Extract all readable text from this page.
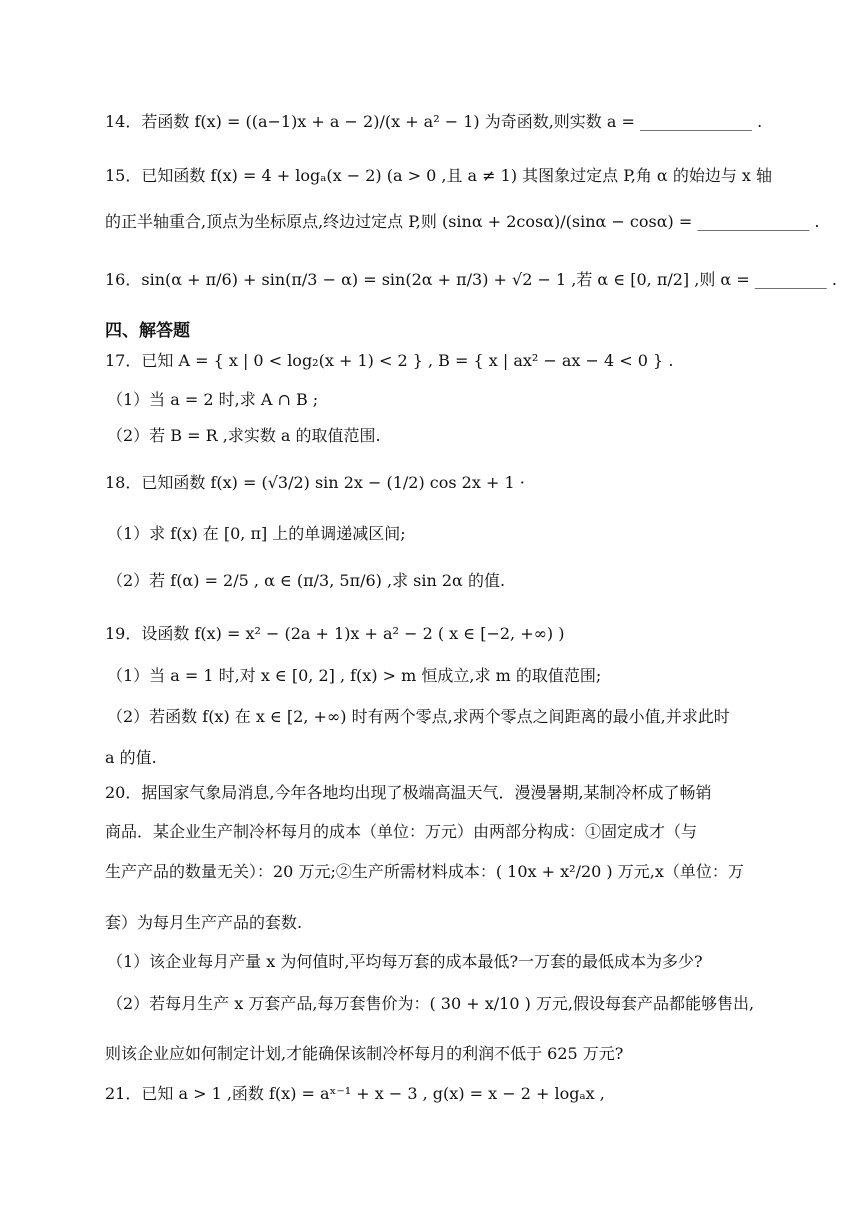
14．若函数 f(x) = ((a−1)x + a − 2)/(x + a² − 1) 为奇函数,则实数 a = ______________ .
15．已知函数 f(x) = 4 + logₐ(x − 2) (a > 0 ,且 a ≠ 1) 其图象过定点 P,角 α 的始边与 x 轴
的正半轴重合,顶点为坐标原点,终边过定点 P,则 (sinα + 2cosα)/(sinα − cosα) = ______________ .
16．sin(α + π/6) + sin(π/3 − α) = sin(2α + π/3) + √2 − 1 ,若 α ∈ [0, π/2] ,则 α = _________ .
四、解答题
17．已知 A = { x | 0 < log₂(x + 1) < 2 } , B = { x | ax² − ax − 4 < 0 } .
（1）当 a = 2 时,求 A ∩ B ;
（2）若 B = R ,求实数 a 的取值范围.
18．已知函数 f(x) = (√3/2) sin 2x − (1/2) cos 2x + 1 ·
（1）求 f(x) 在 [0, π] 上的单调递减区间;
（2）若 f(α) = 2/5 , α ∈ (π/3, 5π/6) ,求 sin 2α 的值.
19．设函数 f(x) = x² − (2a + 1)x + a² − 2 ( x ∈ [−2, +∞) )
（1）当 a = 1 时,对 x ∈ [0, 2] , f(x) > m 恒成立,求 m 的取值范围;
（2）若函数 f(x) 在 x ∈ [2, +∞) 时有两个零点,求两个零点之间距离的最小值,并求此时
a 的值.
20．据国家气象局消息,今年各地均出现了极端高温天气．漫漫暑期,某制冷杯成了畅销
商品．某企业生产制冷杯每月的成本（单位：万元）由两部分构成：①固定成才（与
生产产品的数量无关）：20 万元;②生产所需材料成本：( 10x + x²/20 ) 万元,x（单位：万
套）为每月生产产品的套数.
（1）该企业每月产量 x 为何值时,平均每万套的成本最低?一万套的最低成本为多少?
（2）若每月生产 x 万套产品,每万套售价为：( 30 + x/10 ) 万元,假设每套产品都能够售出,
则该企业应如何制定计划,才能确保该制冷杯每月的利润不低于 625 万元?
21．已知 a > 1 ,函数 f(x) = aˣ⁻¹ + x − 3 , g(x) = x − 2 + logₐx ,
